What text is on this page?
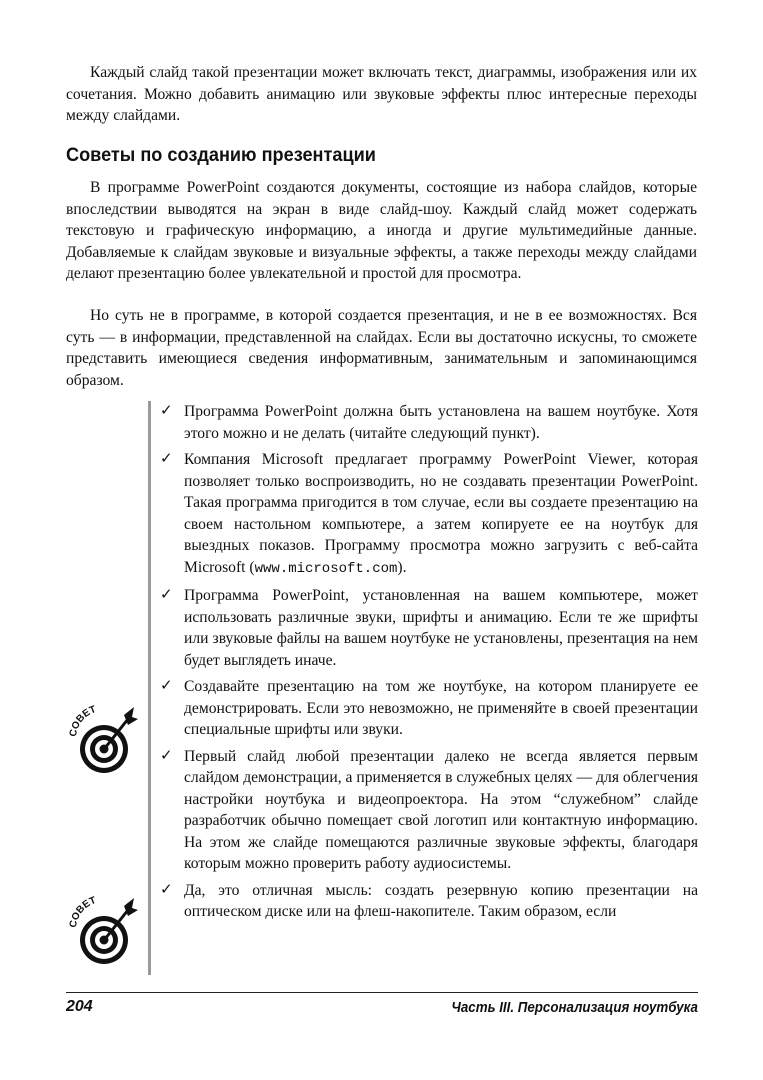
Каждый слайд такой презентации может включать текст, диаграммы, изображения или их сочетания. Можно добавить анимацию или звуковые эффекты плюс интересные переходы между слайдами.

Советы по созданию презентации

В программе PowerPoint создаются документы, состоящие из набора слайдов, которые впоследствии выводятся на экран в виде слайд-шоу. Каждый слайд может содержать текстовую и графическую информацию, а иногда и другие мультимедийные данные. Добавляемые к слайдам звуковые и визуальные эффекты, а также переходы между слайдами делают презентацию более увлекательной и простой для просмотра.

Но суть не в программе, в которой создается презентация, и не в ее возможностях. Вся суть — в информации, представленной на слайдах. Если вы достаточно искусны, то сможете представить имеющиеся сведения информативным, занимательным и запоминающимся образом.

✓ Программа PowerPoint должна быть установлена на вашем ноутбуке. Хотя этого можно и не делать (читайте следующий пункт).
✓ Компания Microsoft предлагает программу PowerPoint Viewer, которая позволяет только воспроизводить, но не создавать презентации PowerPoint. Такая программа пригодится в том случае, если вы создаете презентацию на своем настольном компьютере, а затем копируете ее на ноутбук для выездных показов. Программу просмотра можно загрузить с веб-сайта Microsoft (www.microsoft.com).
✓ Программа PowerPoint, установленная на вашем компьютере, может использовать различные звуки, шрифты и анимацию. Если те же шрифты или звуковые файлы на вашем ноутбуке не установлены, презентация на нем будет выглядеть иначе.
✓ Создавайте презентацию на том же ноутбуке, на котором планируете ее демонстрировать. Если это невозможно, не применяйте в своей презентации специальные шрифты или звуки.
✓ Первый слайд любой презентации далеко не всегда является первым слайдом демонстрации, а применяется в служебных целях — для облегчения настройки ноутбука и видеопроектора. На этом “служебном” слайде разработчик обычно помещает свой логотип или контактную информацию. На этом же слайде помещаются различные звуковые эффекты, благодаря которым можно проверить работу аудиосистемы.
✓ Да, это отличная мысль: создать резервную копию презентации на оптическом диске или на флеш-накопителе. Таким образом, если
СОВЕТ
СОВЕТ
204	Часть III. Персонализация ноутбука
